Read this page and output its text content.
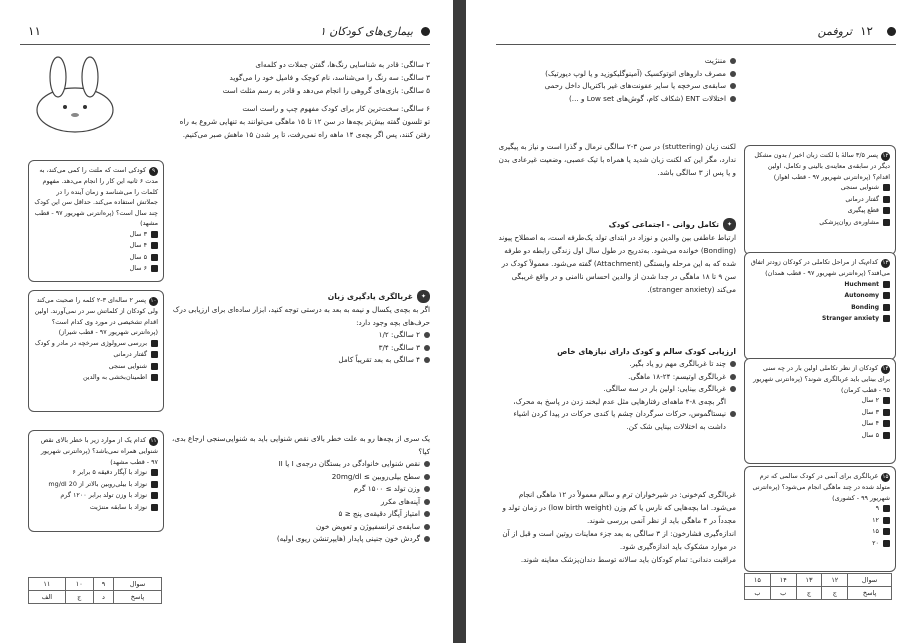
بیماری‌های کودکان ۱
۱۱
۲ سالگی: قادر به شناسایی رنگ‌ها، گفتن جملات دو کلمه‌ای
۳ سالگی: سه رنگ را می‌شناسد، نام کوچک و فامیل خود را می‌گوید
۵ سالگی: بازی‌های گروهی را انجام می‌دهد و قادر به رسم مثلث است
۶ سالگی: سخت‌ترین کار برای کودک مفهوم چپ و راست است
تو تلسون گفته بیش‌تر بچه‌ها در سن ۱۲ تا ۱۵ ماهگی می‌توانند به تنهایی شروع به راه رفتن کنند، پس اگر بچه‌ی ۱۴ ماهه راه نمی‌رفت، تا پر شدن ۱۵ ماهش صبر می‌کنیم.
✦
غربالگری یادگیری زبان
اگر به بچه‌ی یکسال و نیمه به بعد به درستی توجه کنید، ابزار ساده‌ای برای ارزیابی درک حرف‌های بچه وجود دارد:
۲ سالگی: ۱/۲
۳ سالگی: ۳/۴
۴ سالگی به بعد تقریباً کامل
یک سری از بچه‌ها رو به علت خطر بالای نقص شنوایی باید به شنوایی‌سنجی ارجاع بدی، کیا؟
نقص شنوایی خانوادگی در بستگان درجه‌ی I یا II
سطح بیلی‌روبین ≥ 20mg/dl
وزن تولد ≥ ۱۵۰۰ گرم
آپنه‌های مکرر
امتیاز آپگار دقیقه‌ی پنج ≤ ۵
سابقه‌ی ترانسفیوژن و تعویض خون
گردش خون جنینی پایدار (هایپرتنشن ریوی اولیه)
۹کودکی است که ملتت را کمی می‌کند، به مدت ۶ ثانیه این کار را انجام می‌دهد. مفهوم کلمات را می‌شناسد و زمان آینده را در جملاتش استفاده می‌کند. حداقل سن این کودک چند سال است؟ (پره‌انترنی شهریور ۹۷ - قطب مشهد)
۳ سال
۴ سال
۵ سال
۶ سال
۱۰پسر ۲ ساله‌ای ۳-۲ کلمه را صحبت می‌کند ولی کودکان از کلماتش سر در نمی‌آورند. اولین اقدام تشخیصی در مورد وی کدام است؟ (پره‌انترنی شهریور ۹۷ - قطب شیراز)
بررسی سرولوژی سرخچه در مادر و کودک
گفتار درمانی
شنوایی سنجی
اطمینان‌بخشی به والدین
۱۱کدام یک از موارد زیر با خطر بالای نقص شنوایی همراه نمی‌باشد؟ (پره‌انترنی شهریور ۹۷ - قطب مشهد)
نوزاد با آپگار دقیقه ۵ برابر ۶
نوزاد با بیلی‌روبین بالاتر از 20 mg/dl
نوزاد با وزن تولد برابر ۱۲۰۰ گرم
نوزاد با سابقه مننژیت
سوال	۹	۱۰	۱۱
پاسخ	د	ج	الف
۱۲
تروفمن
مننژیت
مصرف داروهای اتوتوکسیک (آمینوگلیکوزید و یا لوپ دیورتیک)
سابقه‌ی سرخچه یا سایر عفونت‌های غیر باکتریال داخل رحمی
اختلالات ENT (شکاف کام، گوش‌های Low set و ...)
لکنت زبان (stuttering) در سن ۳-۲ سالگی نرمال و گذرا است و نیاز به پیگیری ندارد، مگر این که لکنت زبان شدید یا همراه با تیک عصبی، وضعیت غیرعادی بدن و یا پس از ۳ سالگی باشد.
✦
تکامل روانی - اجتماعی کودک
ارتباط عاطفی بین والدین و نوزاد در ابتدای تولد یک‌طرفه است، به اصطلاح پیوند (Bonding) خوانده می‌شود. به‌تدریج در طول سال اول زندگی رابطه دو طرفه شده که به این مرحله وابستگی (Attachment) گفته می‌شود. معمولاً کودک در سن ۹ تا ۱۸ ماهگی در جدا شدن از والدین احساس ناامنی و در واقع غریبگی می‌کند (stranger anxiety).
ارزیابی کودک سالم و کودک دارای نیازهای خاص
چند تا غربالگری مهم رو یاد بگیر.
غربالگری اوتیسم: ۲۴-۱۸ ماهگی.
غربالگری بینایی: اولین بار در سه سالگی.
اگر بچه‌ی ۸-۴ ماهه‌ای رفتارهایی مثل عدم لبخند زدن در پاسخ به محرک، نیستاگموس، حرکات سرگردان چشم یا کندی حرکات در پیدا کردن اشیاء داشت به اختلالات بینایی شک کن.
غربالگری کم‌خونی: در شیرخواران ترم و سالم معمولاً در ۱۲ ماهگی انجام می‌شود. اما بچه‌هایی که نارس یا کم وزن (low birth weight) در زمان تولد و مجدداً در ۴ ماهگی باید از نظر آنمی بررسی شوند.
اندازه‌گیری فشارخون: از ۳ سالگی به بعد جزء معاینات روتین است و قبل از آن در موارد مشکوک باید اندازه‌گیری شود.
مراقبت دندانی: تمام کودکان باید سالانه توسط دندان‌پزشک معاینه شوند.
۱۲پسر ۳/۵ سالۀ با لکنت زبان اخیر / بدون مشکل دیگر در سابقه‌ی معاینه‌ی بالینی و تکامل، اولین اقدام؟ (پره‌انترنی شهریور ۹۷ - قطب اهواز)
شنوایی سنجی
گفتار درمانی
قطع پیگیری
مشاوره‌ی روان‌پزشکی
۱۳کدام‌یک از مراحل تکاملی در کودکان زودتر اتفاق می‌افتد؟ (پره‌انترنی شهریور ۹۷ - قطب همدان)
Huchment
Autonomy
Bonding
Stranger anxiety
۱۴کودکان از نظر تکاملی اولین بار در چه سنی برای بینایی باید غربالگری شوند؟ (پره‌انترنی شهریور ۹۵ - قطب کرمان)
۲ سال
۳ سال
۴ سال
۵ سال
۱۵غربالگری برای آنمی در کودک سالمی که ترم متولد شده در چند ماهگی انجام می‌شود؟ (پره‌انترنی شهریور ۹۹ - کشوری)
۹
۱۲
۱۵
۲۰
سوال	۱۲	۱۳	۱۴	۱۵
پاسخ	ج	ج	ب	ب
